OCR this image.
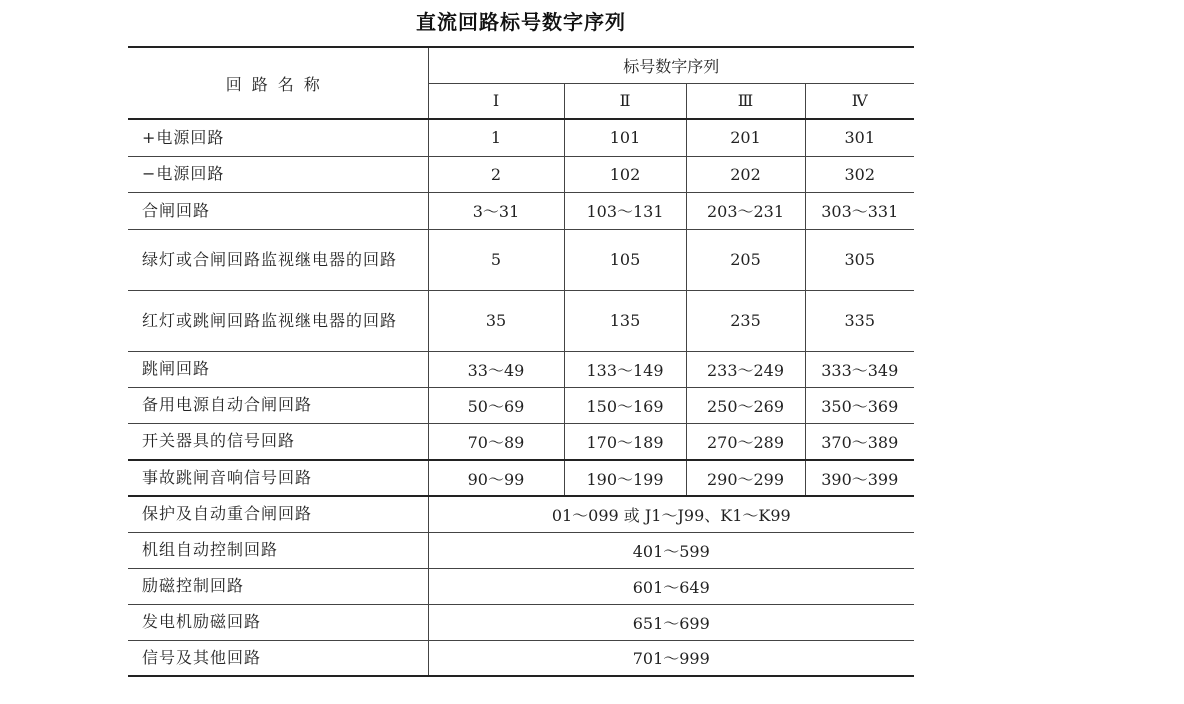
直流回路标号数字序列
回路名称	标号数字序列			
	Ⅰ	Ⅱ	Ⅲ	Ⅳ
+电源回路	1	101	201	301
−电源回路	2	102	202	302
合闸回路	3～31	103～131	203～231	303～331
绿灯或合闸回路监视继电器的回路	5	105	205	305
红灯或跳闸回路监视继电器的回路	35	135	235	335
跳闸回路	33～49	133～149	233～249	333～349
备用电源自动合闸回路	50～69	150～169	250～269	350～369
开关器具的信号回路	70～89	170～189	270～289	370～389
事故跳闸音响信号回路	90～99	190～199	290～299	390～399
保护及自动重合闸回路	01～099 或 J1～J99、K1～K99			
机组自动控制回路	401～599			
励磁控制回路	601～649			
发电机励磁回路	651～699			
信号及其他回路	701～999			
